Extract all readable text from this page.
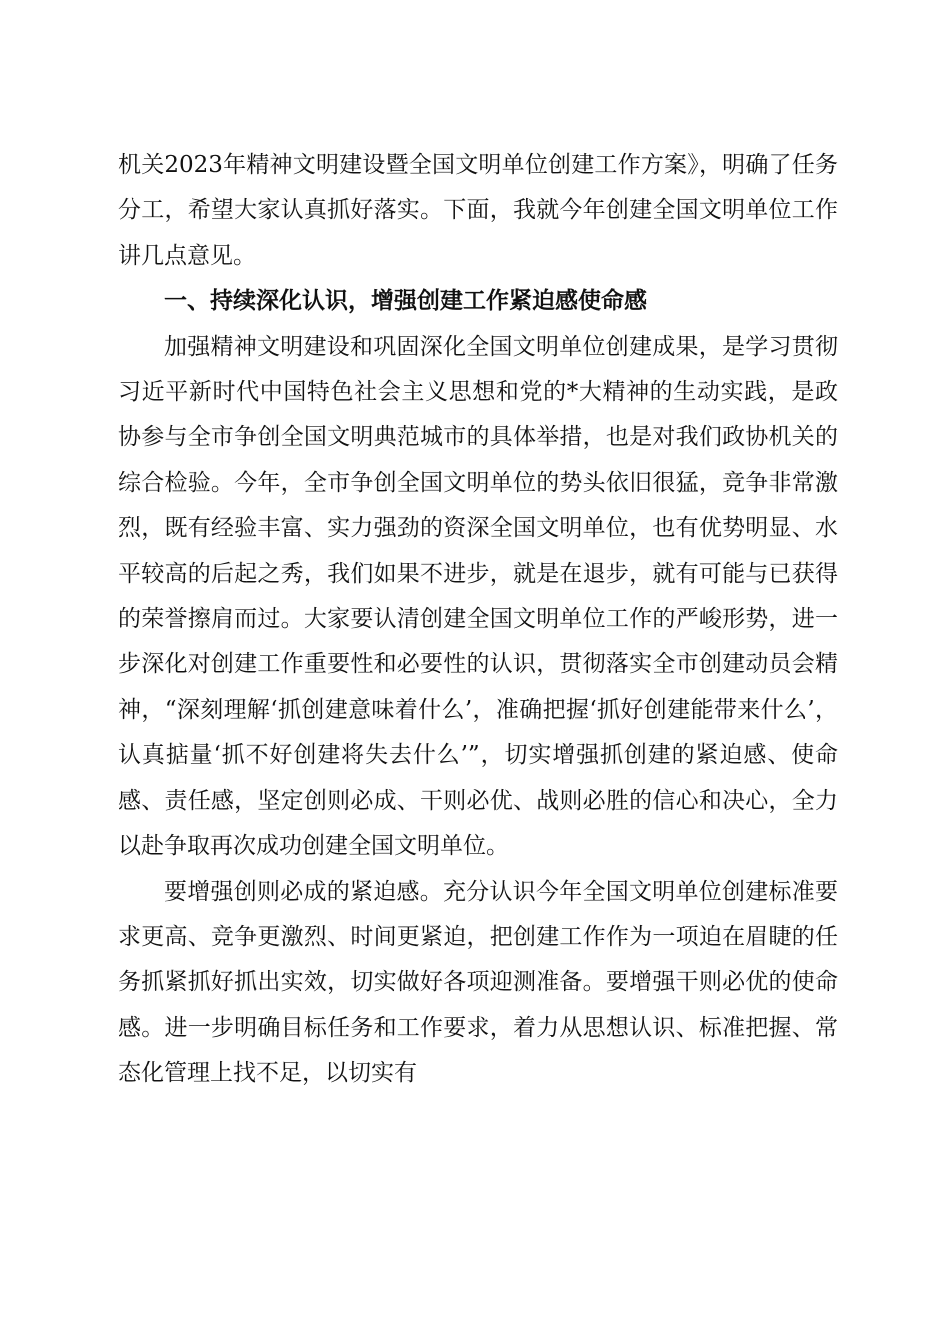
机关2023年精神文明建设暨全国文明单位创建工作方案》，明确了任务分工，希望大家认真抓好落实。下面，我就今年创建全国文明单位工作讲几点意见。

一、持续深化认识，增强创建工作紧迫感使命感

加强精神文明建设和巩固深化全国文明单位创建成果，是学习贯彻习近平新时代中国特色社会主义思想和党的*大精神的生动实践，是政协参与全市争创全国文明典范城市的具体举措，也是对我们政协机关的综合检验。今年，全市争创全国文明单位的势头依旧很猛，竞争非常激烈，既有经验丰富、实力强劲的资深全国文明单位，也有优势明显、水平较高的后起之秀，我们如果不进步，就是在退步，就有可能与已获得的荣誉擦肩而过。大家要认清创建全国文明单位工作的严峻形势，进一步深化对创建工作重要性和必要性的认识，贯彻落实全市创建动员会精神，“深刻理解‘抓创建意味着什么’，准确把握‘抓好创建能带来什么’，认真掂量‘抓不好创建将失去什么’”，切实增强抓创建的紧迫感、使命感、责任感，坚定创则必成、干则必优、战则必胜的信心和决心，全力以赴争取再次成功创建全国文明单位。

要增强创则必成的紧迫感。充分认识今年全国文明单位创建标准要求更高、竞争更激烈、时间更紧迫，把创建工作作为一项迫在眉睫的任务抓紧抓好抓出实效，切实做好各项迎测准备。要增强干则必优的使命感。进一步明确目标任务和工作要求，着力从思想认识、标准把握、常态化管理上找不足，以切实有
